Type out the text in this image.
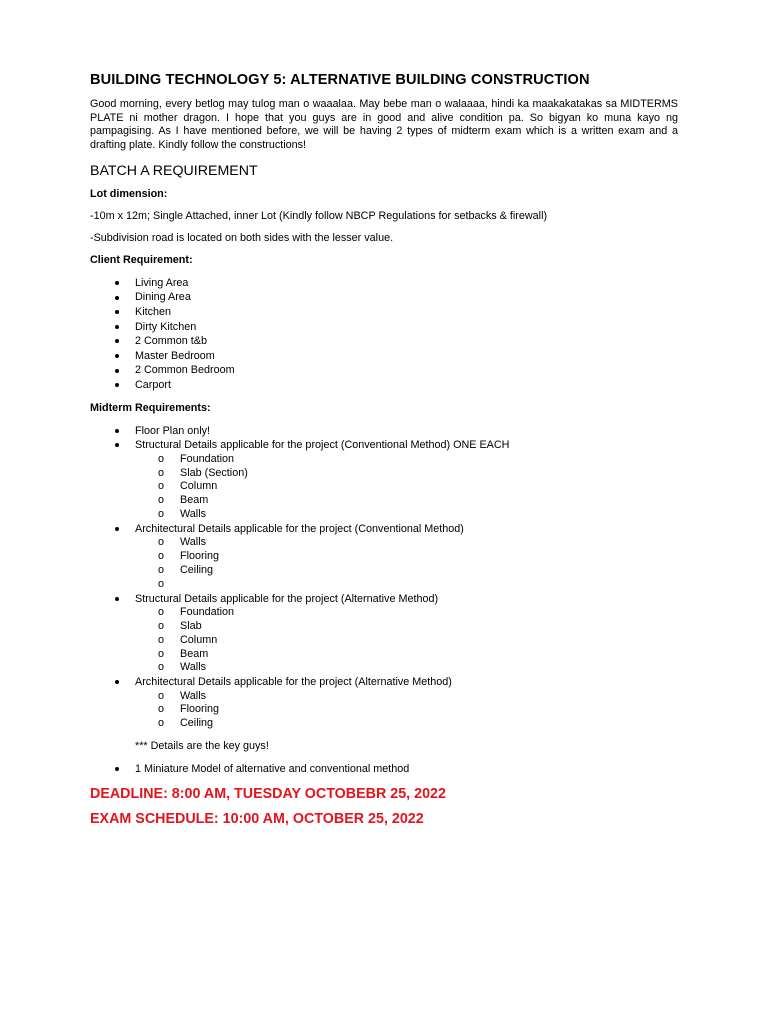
BUILDING TECHNOLOGY 5: ALTERNATIVE BUILDING CONSTRUCTION

Good morning, every betlog may tulog man o waaalaa. May bebe man o walaaaa, hindi ka maakakatakas sa MIDTERMS PLATE ni mother dragon. I hope that you guys are in good and alive condition pa. So bigyan ko muna kayo ng pampagising. As I have mentioned before, we will be having 2 types of midterm exam which is a written exam and a drafting plate. Kindly follow the constructions!

BATCH A REQUIREMENT
Lot dimension:

-10m x 12m; Single Attached, inner Lot (Kindly follow NBCP Regulations for setbacks & firewall)

-Subdivision road is located on both sides with the lesser value.

Client Requirement:
Living Area
Dining Area
Kitchen
Dirty Kitchen
2 Common t&b
Master Bedroom
2 Common Bedroom
Carport
Midterm Requirements:
Floor Plan only!
Structural Details applicable for the project (Conventional Method) ONE EACH
o Foundation
o Slab (Section)
o Column
o Beam
o Walls
Architectural Details applicable for the project (Conventional Method)
o Walls
o Flooring
o Ceiling
o
Structural Details applicable for the project (Alternative Method)
o Foundation
o Slab
o Column
o Beam
o Walls
Architectural Details applicable for the project (Alternative Method)
o Walls
o Flooring
o Ceiling
*** Details are the key guys!
1 Miniature Model of alternative and conventional method
DEADLINE: 8:00 AM, TUESDAY OCTOBEBR 25, 2022
EXAM SCHEDULE: 10:00 AM, OCTOBER 25, 2022
